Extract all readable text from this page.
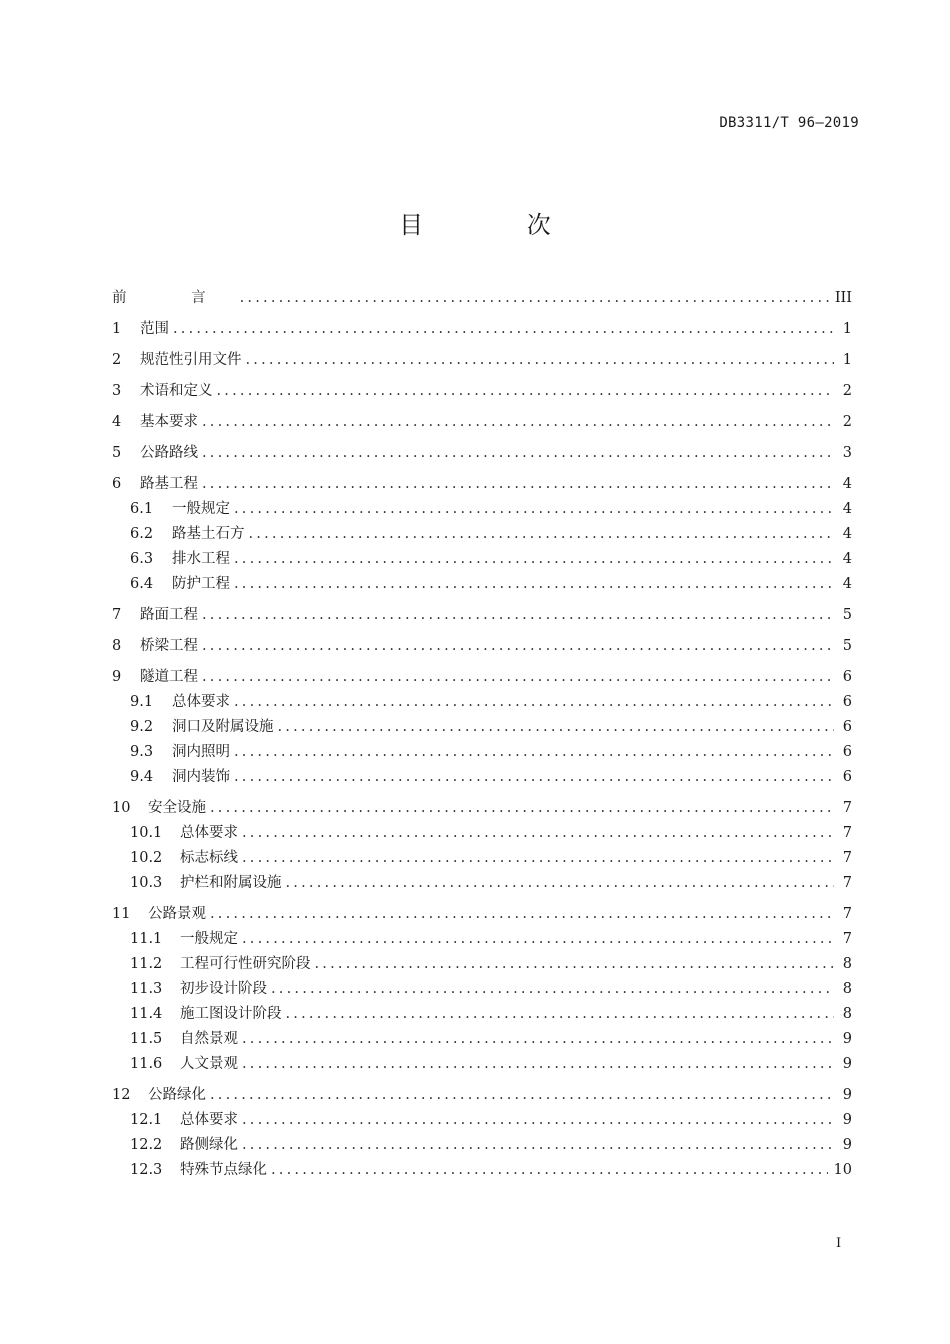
DB3311/T 96—2019
目 次
前 言 .....	III
1	范围 .....	1
2	规范性引用文件 .....	1
3	术语和定义 .....	2
4	基本要求 .....	2
5	公路路线 .....	3
6	路基工程 .....	4
6.1	一般规定 .....	4
6.2	路基土石方 .....	4
6.3	排水工程 .....	4
6.4	防护工程 .....	4
7	路面工程 .....	5
8	桥梁工程 .....	5
9	隧道工程 .....	6
9.1	总体要求 .....	6
9.2	洞口及附属设施 .....	6
9.3	洞内照明 .....	6
9.4	洞内装饰 .....	6
10	安全设施 .....	7
10.1	总体要求 .....	7
10.2	标志标线 .....	7
10.3	护栏和附属设施 .....	7
11	公路景观 .....	7
11.1	一般规定 .....	7
11.2	工程可行性研究阶段 .....	8
11.3	初步设计阶段 .....	8
11.4	施工图设计阶段 .....	8
11.5	自然景观 .....	9
11.6	人文景观 .....	9
12	公路绿化 .....	9
12.1	总体要求 .....	9
12.2	路侧绿化 .....	9
12.3	特殊节点绿化 .....	10
I
